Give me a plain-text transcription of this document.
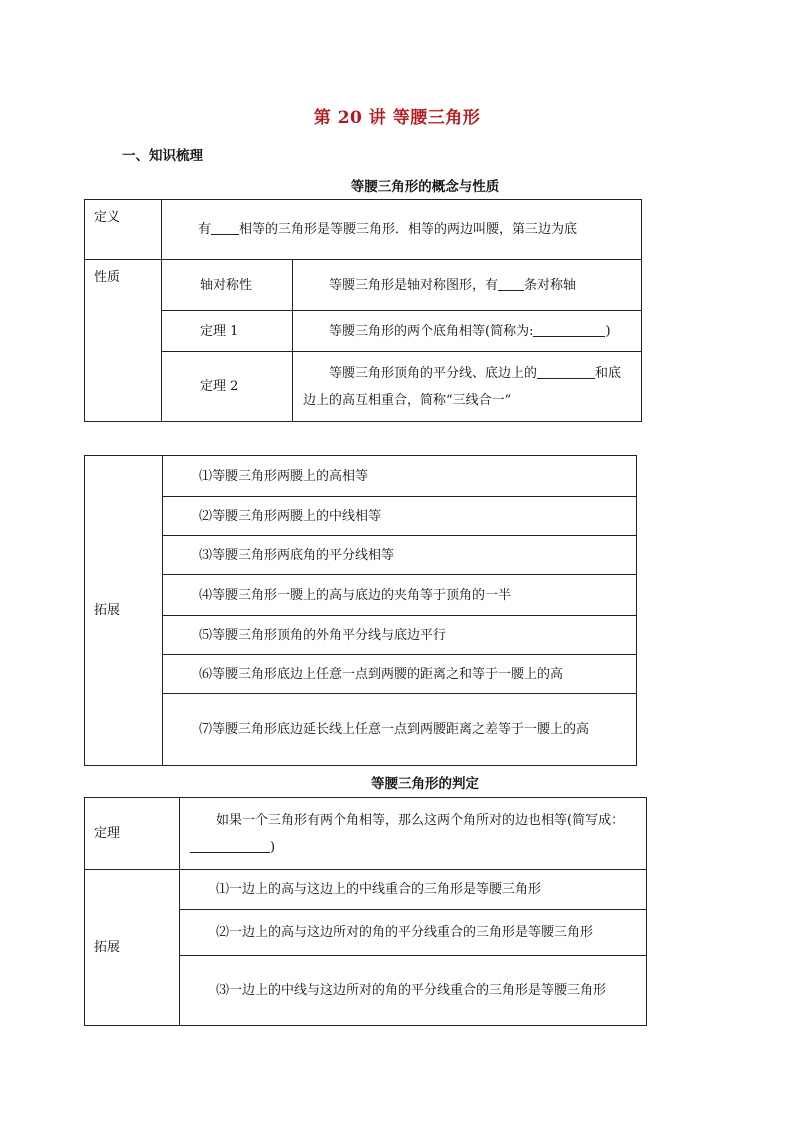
第 20 讲 等腰三角形
一、知识梳理
等腰三角形的概念与性质
定义	有 相等的三角形是等腰三角形．相等的两边叫腰，第三边为底	
性质	轴对称性	等腰三角形是轴对称图形，有 条对称轴
	定理 1	等腰三角形的两个底角相等(简称为: )
	定理 2	等腰三角形顶角的平分线、底边上的 和底边上的高互相重合，简称“三线合一”
拓展	⑴等腰三角形两腰上的高相等
⑵等腰三角形两腰上的中线相等
⑶等腰三角形两底角的平分线相等
⑷等腰三角形一腰上的高与底边的夹角等于顶角的一半
⑸等腰三角形顶角的外角平分线与底边平行
⑹等腰三角形底边上任意一点到两腰的距离之和等于一腰上的高
⑺等腰三角形底边延长线上任意一点到两腰距离之差等于一腰上的高
等腰三角形的判定
定理	如果一个三角形有两个角相等，那么这两个角所对的边也相等(简写成：)
拓展	⑴一边上的高与这边上的中线重合的三角形是等腰三角形
	⑵一边上的高与这边所对的角的平分线重合的三角形是等腰三角形
	⑶一边上的中线与这边所对的角的平分线重合的三角形是等腰三角形
